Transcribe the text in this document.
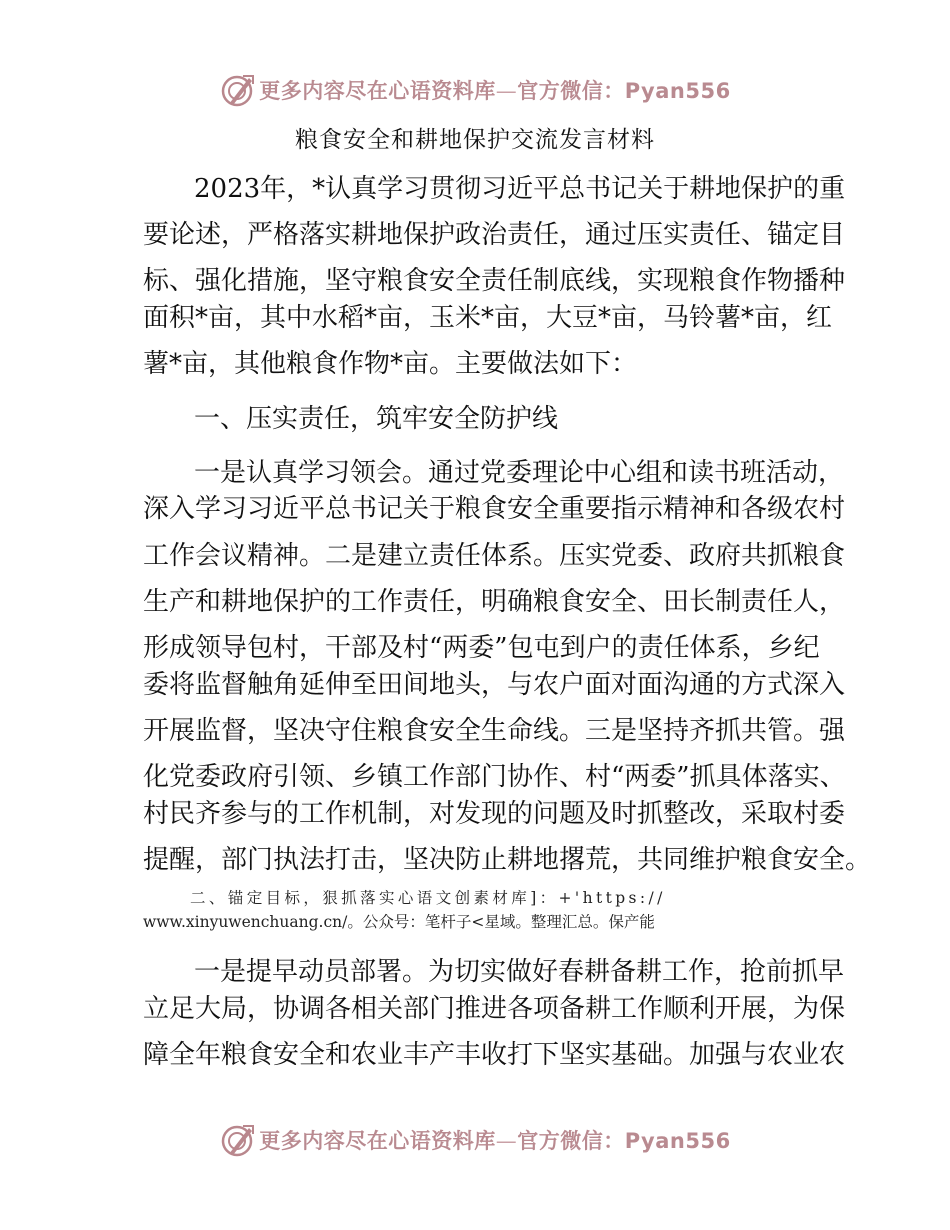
更多内容尽在心语资料库—官方微信：Pyan556
粮食安全和耕地保护交流发言材料
2023年，*认真学习贯彻习近平总书记关于耕地保护的重
要论述，严格落实耕地保护政治责任，通过压实责任、锚定目
标、强化措施，坚守粮食安全责任制底线，实现粮食作物播种
面积*亩，其中水稻*亩，玉米*亩，大豆*亩，马铃薯*亩，红
薯*亩，其他粮食作物*亩。主要做法如下：
一、压实责任，筑牢安全防护线
一是认真学习领会。通过党委理论中心组和读书班活动，
深入学习习近平总书记关于粮食安全重要指示精神和各级农村
工作会议精神。二是建立责任体系。压实党委、政府共抓粮食
生产和耕地保护的工作责任，明确粮食安全、田长制责任人，
形成领导包村，干部及村“两委”包屯到户的责任体系，乡纪
委将监督触角延伸至田间地头，与农户面对面沟通的方式深入
开展监督，坚决守住粮食安全生命线。三是坚持齐抓共管。强
化党委政府引领、乡镇工作部门协作、村“两委”抓具体落实、
村民齐参与的工作机制，对发现的问题及时抓整改，采取村委
提醒，部门执法打击，坚决防止耕地撂荒，共同维护粮食安全。
二、锚定目标，狠抓落实心语文创素材库]：+'https://
www.xinyuwenchuang.cn/。公众号：笔杆子<星域。整理汇总。保产能
一是提早动员部署。为切实做好春耕备耕工作，抢前抓早
立足大局，协调各相关部门推进各项备耕工作顺利开展，为保
障全年粮食安全和农业丰产丰收打下坚实基础。加强与农业农
更多内容尽在心语资料库—官方微信：Pyan556
